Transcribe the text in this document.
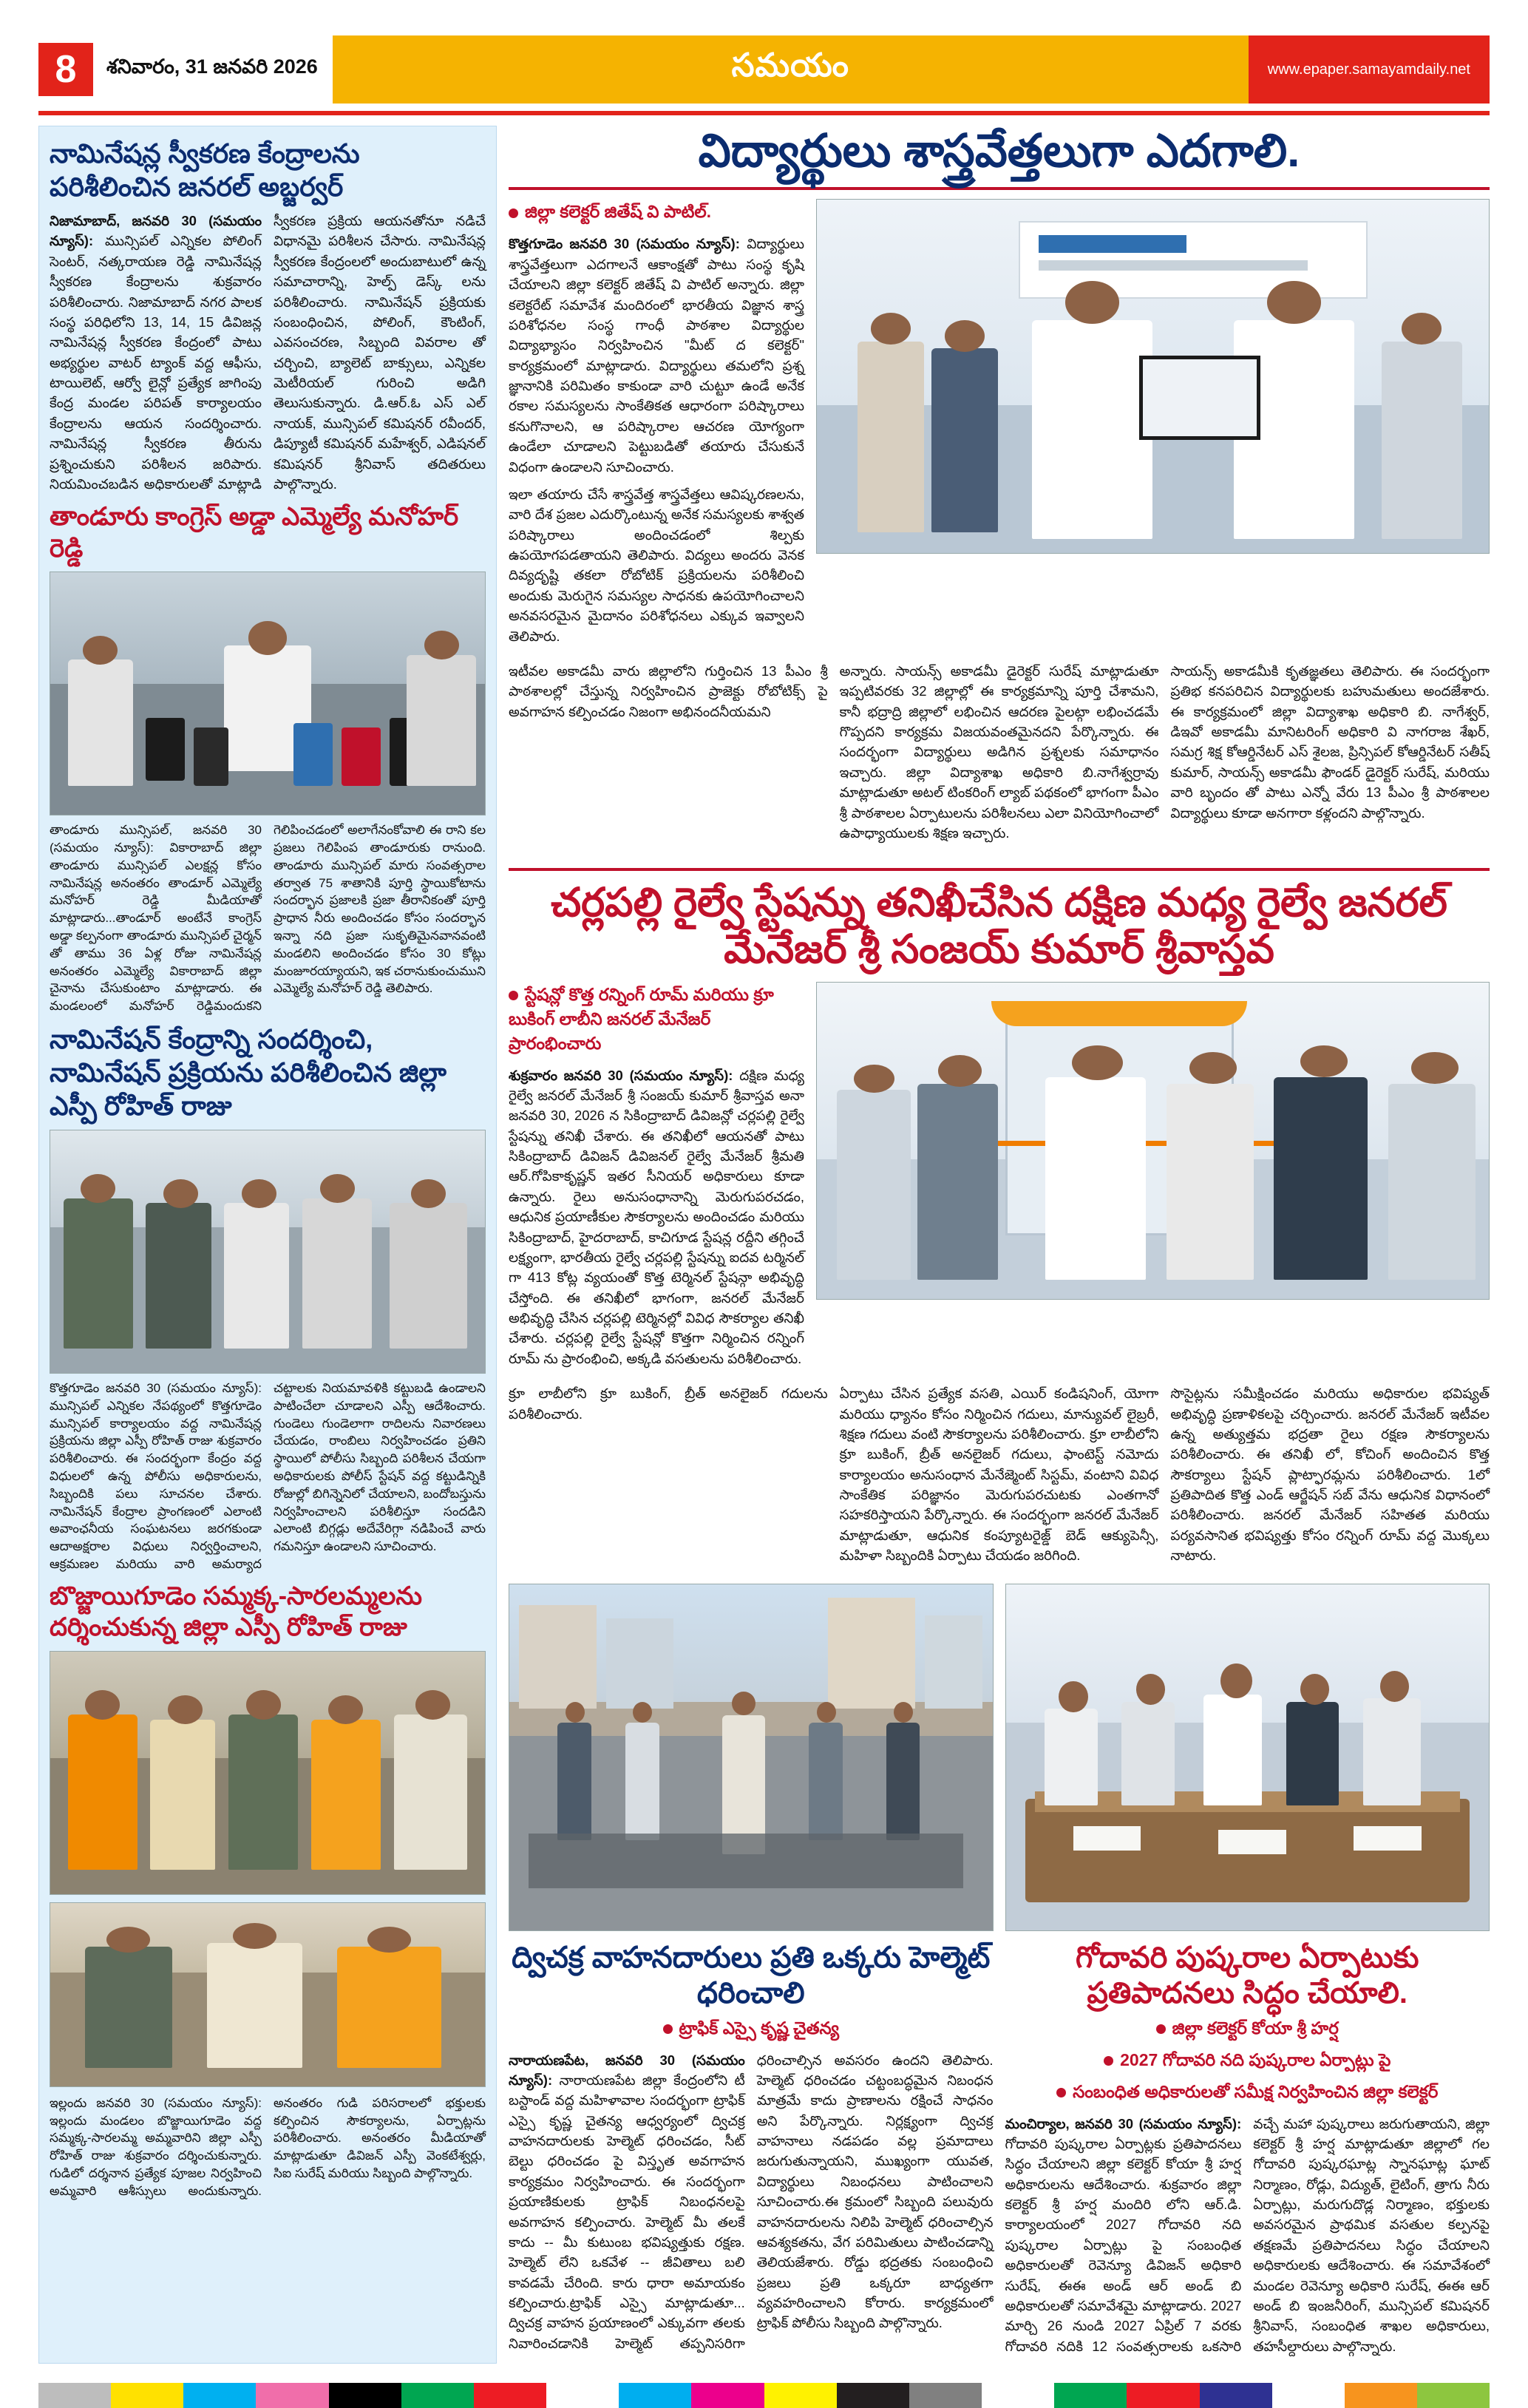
8	శనివారం, 31 జనవరి 2026	సమయం	www.epaper.samayamdaily.net
నామినేషన్ల స్వీకరణ కేంద్రాలను పరిశీలించిన జనరల్ అబ్జర్వర్

నిజామాబాద్, జనవరి 30 (సమయం న్యూస్): మున్సిపల్ ఎన్నికల పోలింగ్ సెంటర్, నత్కరాయణ రెడ్డి నామినేషన్ల స్వీకరణ కేంద్రాలను శుక్రవారం పరిశీలించారు. నిజామాబాద్ నగర పాలక సంస్థ పరిధిలోని 13, 14, 15 డివిజన్ల నామినేషన్ల స్వీకరణ కేంద్రంలో పాటు అభ్యర్థుల వాటర్ ట్యాంక్ వద్ద ఆఫీసు, టాయిలెట్, ఆర్వో లైన్లో ప్రత్యేక జాగింపు కేంద్ర మండల పరిపత్ కార్యాలయం కేంద్రాలను ఆయన సందర్శించారు. నామినేషన్ల స్వీకరణ తీరును ప్రశ్నించుకుని పరిశీలన జరిపారు. నియమించబడిన అధికారులతో మాట్లాడి స్వీకరణ ప్రక్రియ ఆయనతోనూ నడిచే విధానమై పరిశీలన చేసారు. నామినేషన్ల స్వీకరణ కేంద్రంలలో అందుబాటులో ఉన్న సమాచారాన్ని, హెల్ప్ డెస్క్ లను పరిశీలించారు. నామినేషన్ ప్రక్రియకు సంబంధించిన, పోలింగ్, కౌంటింగ్, ఎవసంచరణ, సిబ్బంది వివరాల తో చర్చించి, బ్యాలెట్ బాక్సులు, ఎన్నికల మెటీరియల్ గురించి అడిగి తెలుసుకున్నారు. డి.ఆర్.ఓ ఎస్ ఎల్ నాయక్, మున్సిపల్ కమిషనర్ రవీందర్, డిప్యూటీ కమిషనర్ మహేశ్వర్, ఎడిషనల్ కమిషనర్ శ్రీనివాస్ తదితరులు పాల్గొన్నారు.

తాండూరు కాంగ్రెస్ అడ్డా ఎమ్మెల్యే మనోహర్ రెడ్డి

తాండూరు మున్సిపల్, జనవరి 30 (సమయం న్యూస్): వికారాబాద్ జిల్లా తాండూరు మున్సిపల్ ఎలక్షన్ల కోసం నామినేషన్ల అనంతరం తాండూర్ ఎమ్మెల్యే మనోహర్ రెడ్డి మీడియాతో మాట్లాడారు...తాండూర్ అంటేనే కాంగ్రెస్ అడ్డా కల్పనంగా తాండూరు మున్సిపల్ చైర్మన్ తో తాము 36 ఏళ్ల రోజు నామినేషన్ల అనంతరం ఎమ్మెల్యే వికారాబాద్ జిల్లా చైనాను చేసుకుంటాం మాట్లాడారు. ఈ మండలంలో మనోహర్ రెడ్డిమందుకని గెలిపించడంలో అలాగేనంకోవాలి ఈ రాని కల ప్రజలు గెలిపింప తాండూరుకు రానుంది. తాండూరు మున్సిపల్ మారు సంవత్సరాల తర్వాత 75 శాతానికి పూర్తి స్థాయికోటాను సందర్భాన ప్రజాలకి ప్రజా తీరానికంతో పూర్తి ప్రాధాన నీరు అందించడం కోసం సందర్భాన ఇన్నా నది ప్రజా సుకృతిమైనవానవంటి మండలిని అందించడం కోసం 30 కోట్లు మంజూరయ్యాయని, ఇక చరానుకుంచుముని ఎమ్మెల్యే మనోహర్ రెడ్డి తెలిపారు.

నామినేషన్ కేంద్రాన్ని సందర్శించి, నామినేషన్ ప్రక్రియను పరిశీలించిన జిల్లా ఎస్పీ రోహిత్ రాజు

కొత్తగూడెం జనవరి 30 (సమయం న్యూస్): మున్సిపల్ ఎన్నికల నేపథ్యంలో కొత్తగూడెం మున్సిపల్ కార్యాలయం వద్ద నామినేషన్ల ప్రక్రియను జిల్లా ఎస్పీ రోహిత్ రాజు శుక్రవారం పరిశీలించారు. ఈ సందర్భంగా కేంద్రం వద్ద విధులలో ఉన్న పోలీసు అధికారులను, సిబ్బందికి పలు సూచనల చేశారు. నామినేషన్ కేంద్రాల ప్రాంగణంలో ఎలాంటి అవాంఛనీయ సంఘటనలు జరగకుండా ఆదాఅక్షరాల విధులు నిర్వర్తించాలని, ఆక్రమణల మరియు వారి అమర్యాద చట్టాలకు నియమావళికి కట్టుబడి ఉండాలని పాటించేలా చూడాలని ఎస్పీ ఆదేశించారు. గుండెలు గుండెలాగా రాదిలను నివారణలు చేయడం, రాంబిలు నిర్వహించడం ప్రతిని స్థాయిలో పోలీసు సిబ్బంది పరిశీలన చేయగా అధికారులకు పోలీస్ స్టేషన్ వద్ద కట్టుడిన్నికి రోజుల్లో బిగిన్నెనిలో చేయాలని, బందోబస్తును నిర్వహించాలని పరిశీలిస్తూ సందడిని ఎలాంటి బిగ్గడ్లు అదేవేరిగ్గా నడిపించే వారు గమనిస్తూ ఉండాలని సూచించారు.

బొజ్జాయిగూడెం సమ్మక్క-సారలమ్మలను దర్శించుకున్న జిల్లా ఎస్పీ రోహిత్ రాజు

ఇల్లందు జనవరి 30 (సమయం న్యూస్): ఇల్లందు మండలం బొజ్జాయిగూడెం వద్ద సమ్మక్క-సారలమ్మ అమ్మవారిని జిల్లా ఎస్పీ రోహిత్ రాజు శుక్రవారం దర్శించుకున్నారు. గుడిలో దర్శనాన ప్రత్యేక పూజల నిర్వహించి అమ్మవారి ఆశీస్సులు అందుకున్నారు. అనంతరం గుడి పరిసరాలలో భక్తులకు కల్పించిన సౌకర్యాలను, ఏర్పాట్లను పరిశీలించారు. అనంతరం మీడియాతో మాట్లాడుతూ డివిజన్ ఎస్పీ వెంకటేశ్వర్లు, సిఐ సురేష్ మరియు సిబ్బంది పాల్గొన్నారు.

విద్యార్థులు శాస్త్రవేత్తలుగా ఎదగాలి.
జిల్లా కలెక్టర్ జితేష్ వి పాటిల్.

కొత్తగూడెం జనవరి 30 (సమయం న్యూస్): విద్యార్థులు శాస్త్రవేత్తలుగా ఎదగాలనే ఆకాంక్షతో పాటు సంస్థ కృషి చేయాలని జిల్లా కలెక్టర్ జితేష్ వి పాటిల్ అన్నారు. జిల్లా కలెక్టరేట్ సమావేశ మందిరంలో భారతీయ విజ్ఞాన శాస్త్ర పరిశోధనల సంస్థ గాంధీ పాఠశాల విద్యార్థుల విద్యాభ్యాసం నిర్వహించిన "మీట్ ద కలెక్టర్" కార్యక్రమంలో మాట్లాడారు. విద్యార్థులు తమలోని ప్రశ్న జ్ఞానానికి పరిమితం కాకుండా వారి చుట్టూ ఉండే అనేక రకాల సమస్యలను సాంకేతికత ఆధారంగా పరిష్కారాలు కనుగొనాలని, ఆ పరిష్కారాల ఆచరణ యోగ్యంగా ఉండేలా చూడాలని పెట్టుబడితో తయారు చేసుకునే విధంగా ఉండాలని సూచించారు.

ఇలా తయారు చేసే శాస్త్రవేత్త శాస్త్రవేత్తలు ఆవిష్కరణలను, వారి దేశ ప్రజల ఎదుర్కొంటున్న అనేక సమస్యలకు శాశ్వత పరిష్కారాలు అందించడంలో శిల్పకు ఉపయోగపడతాయని తెలిపారు. విద్యలు అందరు వెనక దివ్యదృష్టి తకలా రోబోటిక్ ప్రక్రియలను పరిశీలించి అందుకు మెరుగైన సమస్యల సాధనకు ఉపయోగించాలని అనవసరమైన మైదానం పరిశోధనలు ఎక్కువ ఇవ్వాలని తెలిపారు.

ఇటీవల అకాడమీ వారు జిల్లాలోని గుర్తించిన 13 పీఎం శ్రీ పాఠశాలల్లో చేస్తున్న నిర్వహించిన ప్రాజెక్టు రోబోటిక్స్ పై అవగాహన కల్పించడం నిజంగా అభినందనీయమని

అన్నారు. సాయన్స్ అకాడమీ డైరెక్టర్ సురేష్ మాట్లాడుతూ ఇప్పటివరకు 32 జిల్లాల్లో ఈ కార్యక్రమాన్ని పూర్తి చేశామని, కానీ భద్రాద్రి జిల్లాలో లభించిన ఆదరణ పైలట్గా లభించడమే గొప్పదని కార్యక్రమ విజయవంతమైనదని పేర్కొన్నారు. ఈ సందర్భంగా విద్యార్థులు అడిగిన ప్రశ్నలకు సమాధానం ఇచ్చారు. జిల్లా విద్యాశాఖ అధికారి బి.నాగేశ్వర్రావు మాట్లాడుతూ అటల్ టింకరింగ్ ల్యాబ్ పథకంలో భాగంగా పీఎం శ్రీ పాఠశాలల ఏర్పాటులను పరిశీలనలు ఎలా వినియోగించాలో ఉపాధ్యాయులకు శిక్షణ ఇచ్చారు.

సాయన్స్ అకాడమీకి కృతజ్ఞతలు తెలిపారు. ఈ సందర్భంగా ప్రతిభ కనపరిచిన విద్యార్థులకు బహుమతులు అందజేశారు. ఈ కార్యక్రమంలో జిల్లా విద్యాశాఖ అధికారి బి. నాగేశ్వర్, డిఇవో అకాడమీ మానిటరింగ్ అధికారి వి నాగరాజ శేఖర్, సమగ్ర శిక్ష కోఆర్డినేటర్ ఎస్ శైలజ, ప్రిన్సిపల్ కోఆర్డినేటర్ సతీష్ కుమార్, సాయన్స్ అకాడమీ ఫౌండర్ డైరెక్టర్ సురేష్, మరియు వారి బృందం తో పాటు ఎన్నో వేరు 13 పీఎం శ్రీ పాఠశాలల విద్యార్థులు కూడా అనగారా కళ్లందని పాల్గొన్నారు.

చర్లపల్లి రైల్వే స్టేషన్ను తనిఖీచేసిన దక్షిణ మధ్య రైల్వే జనరల్ మేనేజర్ శ్రీ సంజయ్ కుమార్ శ్రీవాస్తవ
స్టేషన్లో కొత్త రన్నింగ్ రూమ్ మరియు క్రూ బుకింగ్ లాబీని జనరల్ మేనేజర్ ప్రారంభించారు

శుక్రవారం జనవరి 30 (సమయం న్యూస్): దక్షిణ మధ్య రైల్వే జనరల్ మేనేజర్ శ్రీ సంజయ్ కుమార్ శ్రీవాస్తవ అనా జనవరి 30, 2026 న సికింద్రాబాద్ డివిజన్లో చర్లపల్లి రైల్వే స్టేషన్ను తనిఖీ చేశారు. ఈ తనిఖీలో ఆయనతో పాటు సికింద్రాబాద్ డివిజన్ డివిజనల్ రైల్వే మేనేజర్ శ్రీమతి ఆర్.గోపికాకృష్ణన్ ఇతర సీనియర్ అధికారులు కూడా ఉన్నారు. రైలు అనుసంధానాన్ని మెరుగుపరచడం, ఆధునిక ప్రయాణీకుల సౌకర్యాలను అందించడం మరియు సికింద్రాబాద్, హైదరాబాద్, కాచిగూడ స్టేషన్ల రద్దీని తగ్గించే లక్ష్యంగా, భారతీయ రైల్వే చర్లపల్లి స్టేషన్ను ఐదవ టర్మినల్ గా 413 కోట్ల వ్యయంతో కొత్త టెర్మినల్ స్టేషన్గా అభివృద్ధి చేస్తోంది. ఈ తనిఖీలో భాగంగా, జనరల్ మేనేజర్ అభివృద్ధి చేసిన చర్లపల్లి టెర్మినల్లో వివిధ సౌకర్యాల తనిఖీ చేశారు. చర్లపల్లి రైల్వే స్టేషన్లో కొత్తగా నిర్మించిన రన్నింగ్ రూమ్ ను ప్రారంభించి, అక్కడి వసతులను పరిశీలించారు.

క్రూ లాబీలోని క్రూ బుకింగ్, బ్రీత్ అనలైజర్ గదులను పరిశీలించారు.

ఏర్పాటు చేసిన ప్రత్యేక వసతి, ఎయిర్ కండిషనింగ్, యోగా మరియు ధ్యానం కోసం నిర్మించిన గదులు, మాన్యువల్ లైబ్రరీ, శిక్షణ గదులు వంటి సౌకర్యాలను పరిశీలించారు. క్రూ లాబీలోని క్రూ బుకింగ్, బ్రీత్ అనలైజర్ గదులు, ఫాంటెస్ట్ నమోదు కార్యాలయం అనుసంధాన మేనేజ్మెంట్ సిస్టమ్, వంటాని వివిధ సాంకేతిక పరిజ్ఞానం మెరుగుపరచుటకు ఎంతగానో సహకరిస్తాయని పేర్కొన్నారు. ఈ సందర్భంగా జనరల్ మేనేజర్ మాట్లాడుతూ, ఆధునిక కంప్యూటరైజ్డ్ బెడ్ ఆక్యుపెన్సీ, మహిళా సిబ్బందికి ఏర్పాటు చేయడం జరిగింది.

సొసైట్లను సమీక్షించడం మరియు అధికారుల భవిష్యత్ అభివృద్ధి ప్రణాళికలపై చర్చించారు. జనరల్ మేనేజర్ ఇటీవల ఉన్న అత్యుత్తమ భద్రతా రైలు రక్షణ సౌకర్యాలను పరిశీలించారు. ఈ తనిఖీ లో, కోచింగ్ అందించిన కొత్త సౌకర్యాలు స్టేషన్ ప్లాట్ఫారమ్లను పరిశీలించారు. 1లో ప్రతిపాదిత కొత్త ఎండ్ ఆర్జేషన్ సబ్ వేను ఆధునిక విధానంలో పరిశీలించారు. జనరల్ మేనేజర్ సహితత మరియు పర్యవసానిత భవిష్యత్తు కోసం రన్నింగ్ రూమ్ వద్ద మొక్కలు నాటారు.

ద్విచక్ర వాహనదారులు ప్రతి ఒక్కరు హెల్మెట్ ధరించాలి
ట్రాఫిక్ ఎస్సై కృష్ణ చైతన్య

నారాయణపేట, జనవరి 30 (సమయం న్యూస్): నారాయణపేట జిల్లా కేంద్రంలోని టీ బస్టాండ్ వద్ద మహిళావాల సందర్భంగా ట్రాఫిక్ ఎస్సై కృష్ణ చైతన్య ఆధ్వర్యంలో ద్విచక్ర వాహనదారులకు హెల్మెట్ ధరించడం, సీట్ బెల్టు ధరించడం పై విస్తృత అవగాహన కార్యక్రమం నిర్వహించారు. ఈ సందర్భంగా ప్రయాణికులకు ట్రాఫిక్ నిబంధనలపై అవగాహన కల్పించారు. హెల్మెట్ మీ తలకే కాదు -- మీ కుటుంబ భవిష్యత్తుకు రక్షణ. హెల్మెట్ లేని ఒకవేళ -- జీవితాలు బలి కావడమే చేరింది. కారు ధారా అమాయకం కల్పించారు.ట్రాఫిక్ ఎస్సై మాట్లాడుతూ... ద్విచక్ర వాహన ప్రయాణంలో ఎక్కువగా తలకు నివారించడానికి హెల్మెట్ తప్పనిసరిగా ధరించాల్సిన అవసరం ఉందని తెలిపారు. హెల్మెట్ ధరించడం చట్టంబద్ధమైన నిబంధన మాత్రమే కాదు ప్రాణాలను రక్షించే సాధనం అని పేర్కొన్నారు. నిర్లక్ష్యంగా ద్విచక్ర వాహనాలు నడపడం వల్ల ప్రమాదాలు జరుగుతున్నాయని, ముఖ్యంగా యువత, విద్యార్థులు నిబంధనలు పాటించాలని సూచించారు.ఈ క్రమంలో సిబ్బంది పలువురు వాహనదారులను నిలిపి హెల్మెట్ ధరించాల్సిన ఆవశ్యకతను, వేగ పరిమితులు పాటించడాన్ని తెలియజేశారు. రోడ్డు భద్రతకు సంబంధించి ప్రజలు ప్రతి ఒక్కరూ బాధ్యతగా వ్యవహరించాలని కోరారు. కార్యక్రమంలో ట్రాఫిక్ పోలీసు సిబ్బంది పాల్గొన్నారు.

గోదావరి పుష్కరాల ఏర్పాటుకు ప్రతిపాదనలు సిద్ధం చేయాలి.
జిల్లా కలెక్టర్ కోయా శ్రీ హర్ష
2027 గోదావరి నది పుష్కరాల ఏర్పాట్లు పై
సంబంధిత అధికారులతో సమీక్ష నిర్వహించిన జిల్లా కలెక్టర్

మంచిర్యాల, జనవరి 30 (సమయం న్యూస్): గోదావరి పుష్కరాల ఏర్పాట్లకు ప్రతిపాదనలు సిద్ధం చేయాలని జిల్లా కలెక్టర్ కోయా శ్రీ హర్ష అధికారులను ఆదేశించారు. శుక్రవారం జిల్లా కలెక్టర్ శ్రీ హర్ష మందిరి లోని ఆర్.డి. కార్యాలయంలో 2027 గోదావరి నది పుష్కరాల ఏర్పాట్లు పై సంబంధిత అధికారులతో రెవెన్యూ డివిజన్ అధికారి సురేష్, ఈఈ అండ్ ఆర్ అండ్ బి అధికారులతో సమావేశమై మాట్లాడారు. 2027 మార్చి 26 నుండి 2027 ఏప్రిల్ 7 వరకు గోదావరి నదికి 12 సంవత్సరాలకు ఒకసారి వచ్చే మహా పుష్కరాలు జరుగుతాయని, జిల్లా కలెక్టర్ శ్రీ హర్ష మాట్లాడుతూ జిల్లాలో గల గోదావరి పుష్కరఘాట్ల స్నానఘాట్ల ఘాట్ నిర్మాణం, రోడ్లు, విద్యుత్, లైటింగ్, త్రాగు నీరు ఏర్పాట్లు, మరుగుదొడ్ల నిర్మాణం, భక్తులకు అవసరమైన ప్రాథమిక వసతుల కల్పనపై తక్షణమే ప్రతిపాదనలు సిద్ధం చేయాలని అధికారులకు ఆదేశించారు. ఈ సమావేశంలో మండల రెవెన్యూ అధికారి సురేష్, ఈఈ ఆర్ అండ్ బి ఇంజనీరింగ్, మున్సిపల్ కమిషనర్ శ్రీనివాస్, సంబంధిత శాఖల అధికారులు, తహసీల్దారులు పాల్గొన్నారు.
